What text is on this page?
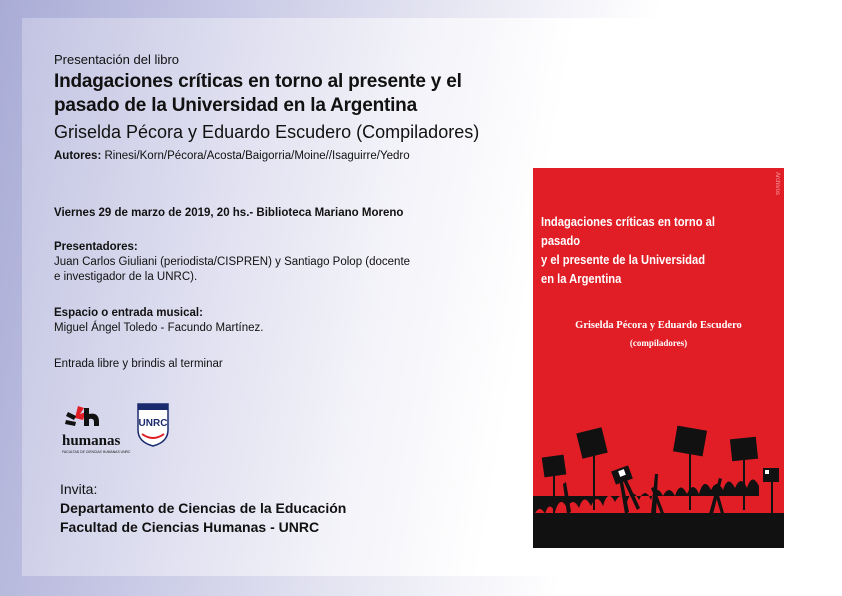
Presentación del libro

Indagaciones críticas en torno al presente y el
pasado de la Universidad en la Argentina

Griselda Pécora y Eduardo Escudero (Compiladores)

Autores: Rinesi/Korn/Pécora/Acosta/Baigorria/Moine//Isaguirre/Yedro

Viernes 29 de marzo de 2019, 20 hs.- Biblioteca Mariano Moreno
Presentadores:
Juan Carlos Giuliani (periodista/CISPREN) y Santiago Polop (docente
e investigador de la UNRC).
Espacio o entrada musical:
Miguel Ángel Toledo - Facundo Martínez.
Entrada libre y brindis al terminar
humanas
FACULTAD DE CIENCIAS HUMANAS UNRC
UNRC
Invita:
Departamento de Ciencias de la Educación
Facultad de Ciencias Humanas - UNRC
Archivos
Indagaciones críticas en torno al pasado
y el presente de la Universidad
en la Argentina
Griselda Pécora y Eduardo Escudero
(compiladores)
